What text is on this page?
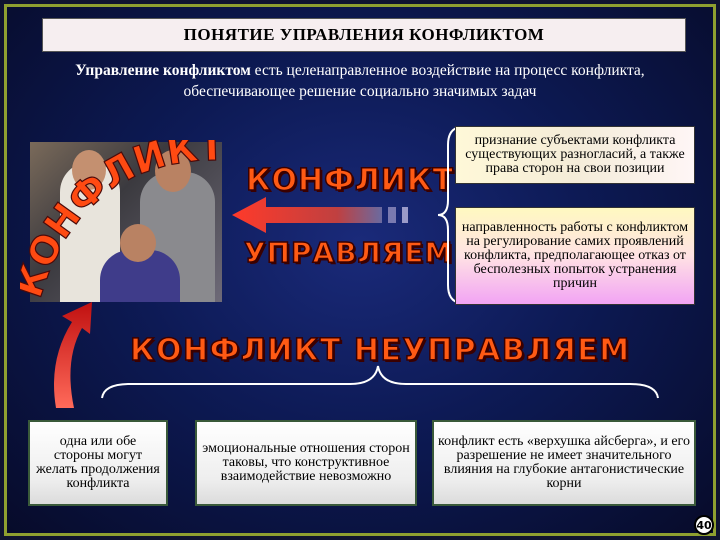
ПОНЯТИЕ УПРАВЛЕНИЯ КОНФЛИКТОМ
Управление конфликтом есть целенаправленное воздействие на процесс конфликта,
обеспечивающее решение социально значимых задач
ОНФЛИКТ
КОНФЛИКТ
УПРАВЛЯЕМ
признание субъектами конфликта существующих разногласий, а также права сторон на свои позиции
направленность работы с конфликтом на регулирование самих проявлений конфликта, предполагающее отказ от бесполезных попыток устранения причин
КОНФЛИКТ НЕУПРАВЛЯЕМ
одна или обе стороны могут желать продолжения конфликта
эмоциональные отношения сторон таковы, что конструктивное взаимодействие невозможно
конфликт есть «верхушка айсберга», и его разрешение не имеет значительного влияния на глубокие антагонистические корни
40
